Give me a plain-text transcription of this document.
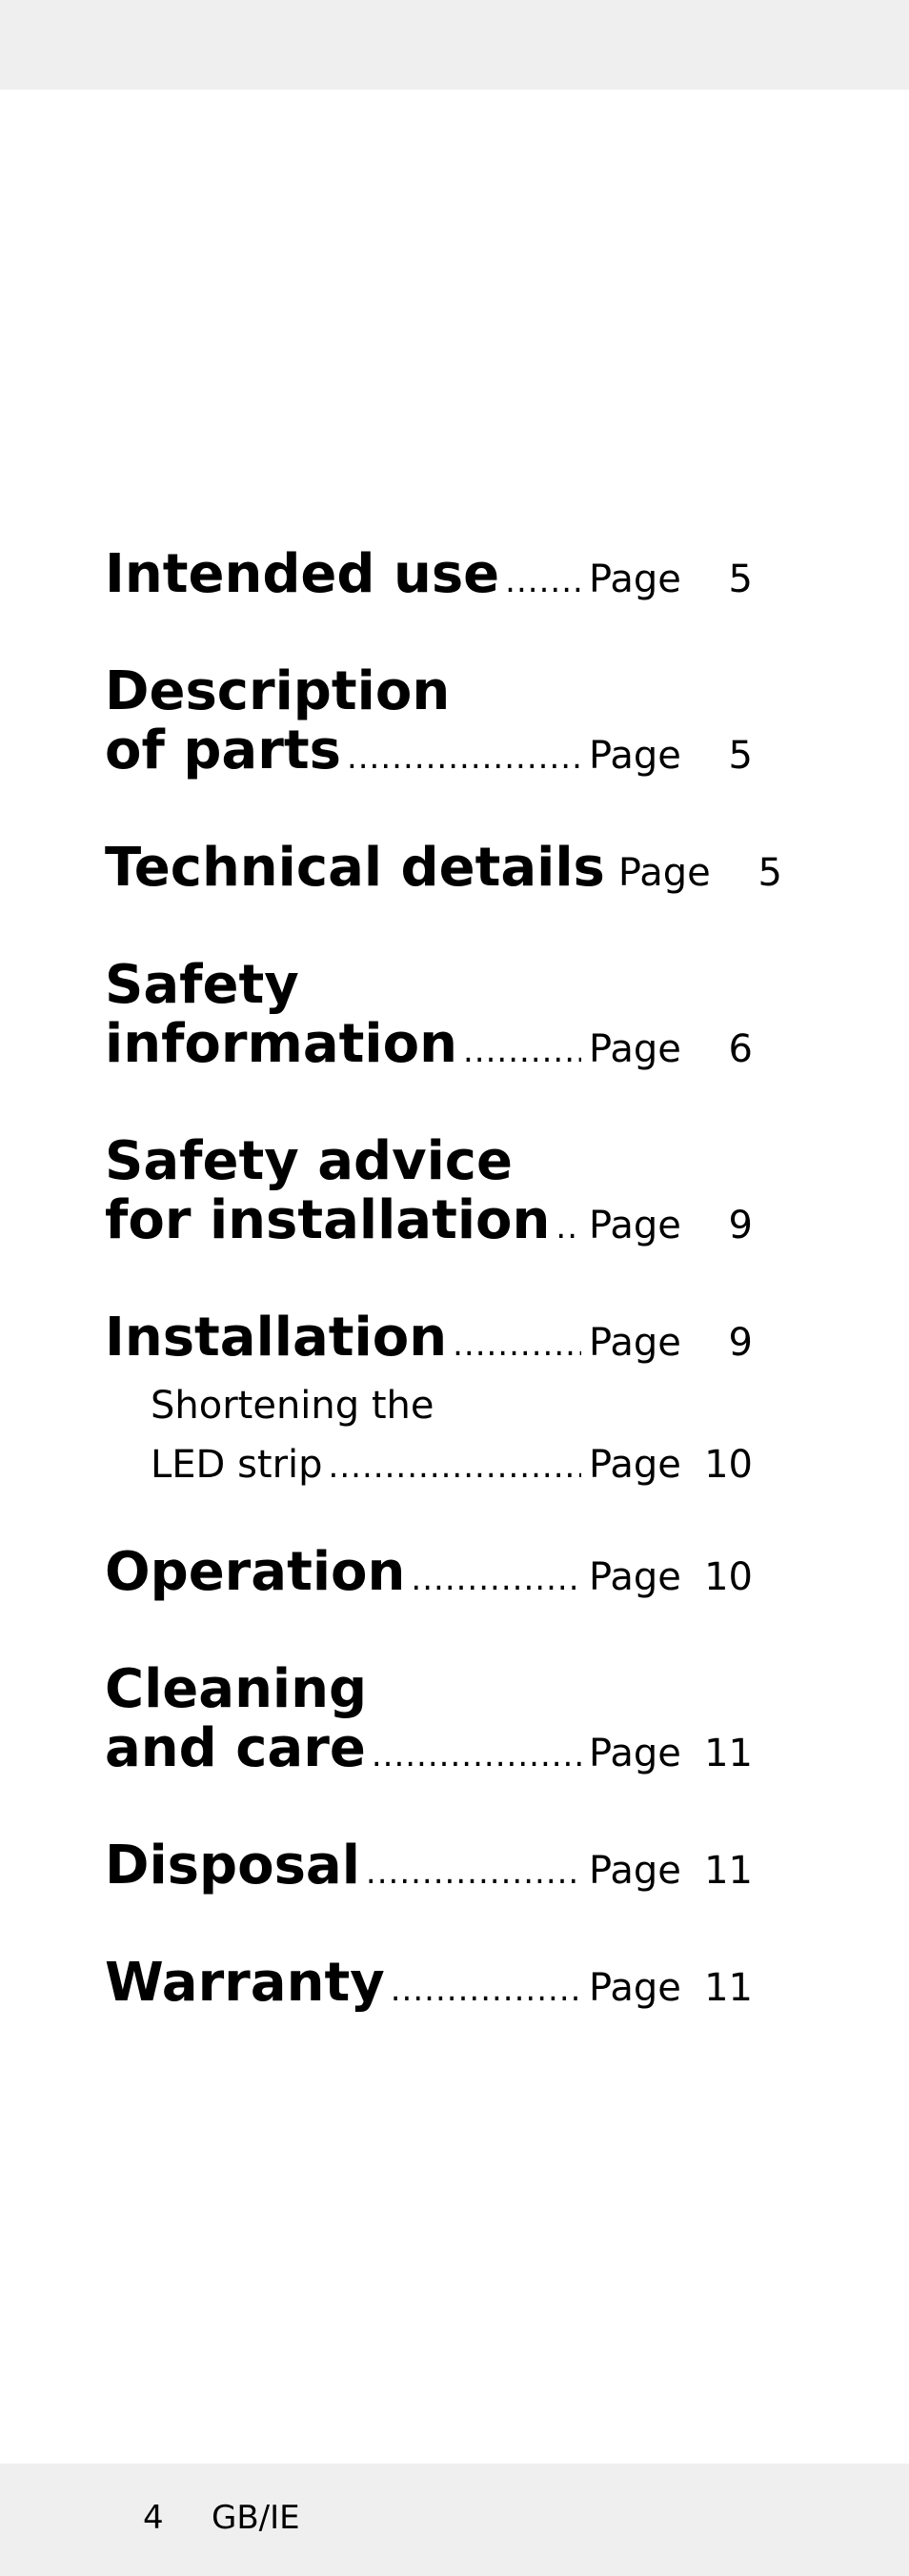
Intended use ..... Page	5
Description
of parts .....	Page	5
Technical details Page	5
Safety
information .....	Page	6
Safety advice
for installation ..... Page	9
Installation .....	Page	9
Shortening the
LED strip .....	Page 10
Operation .....	Page 10
Cleaning
and care .....	Page 11
Disposal .....	Page 11
Warranty .....	Page 11
4 GB/IE
